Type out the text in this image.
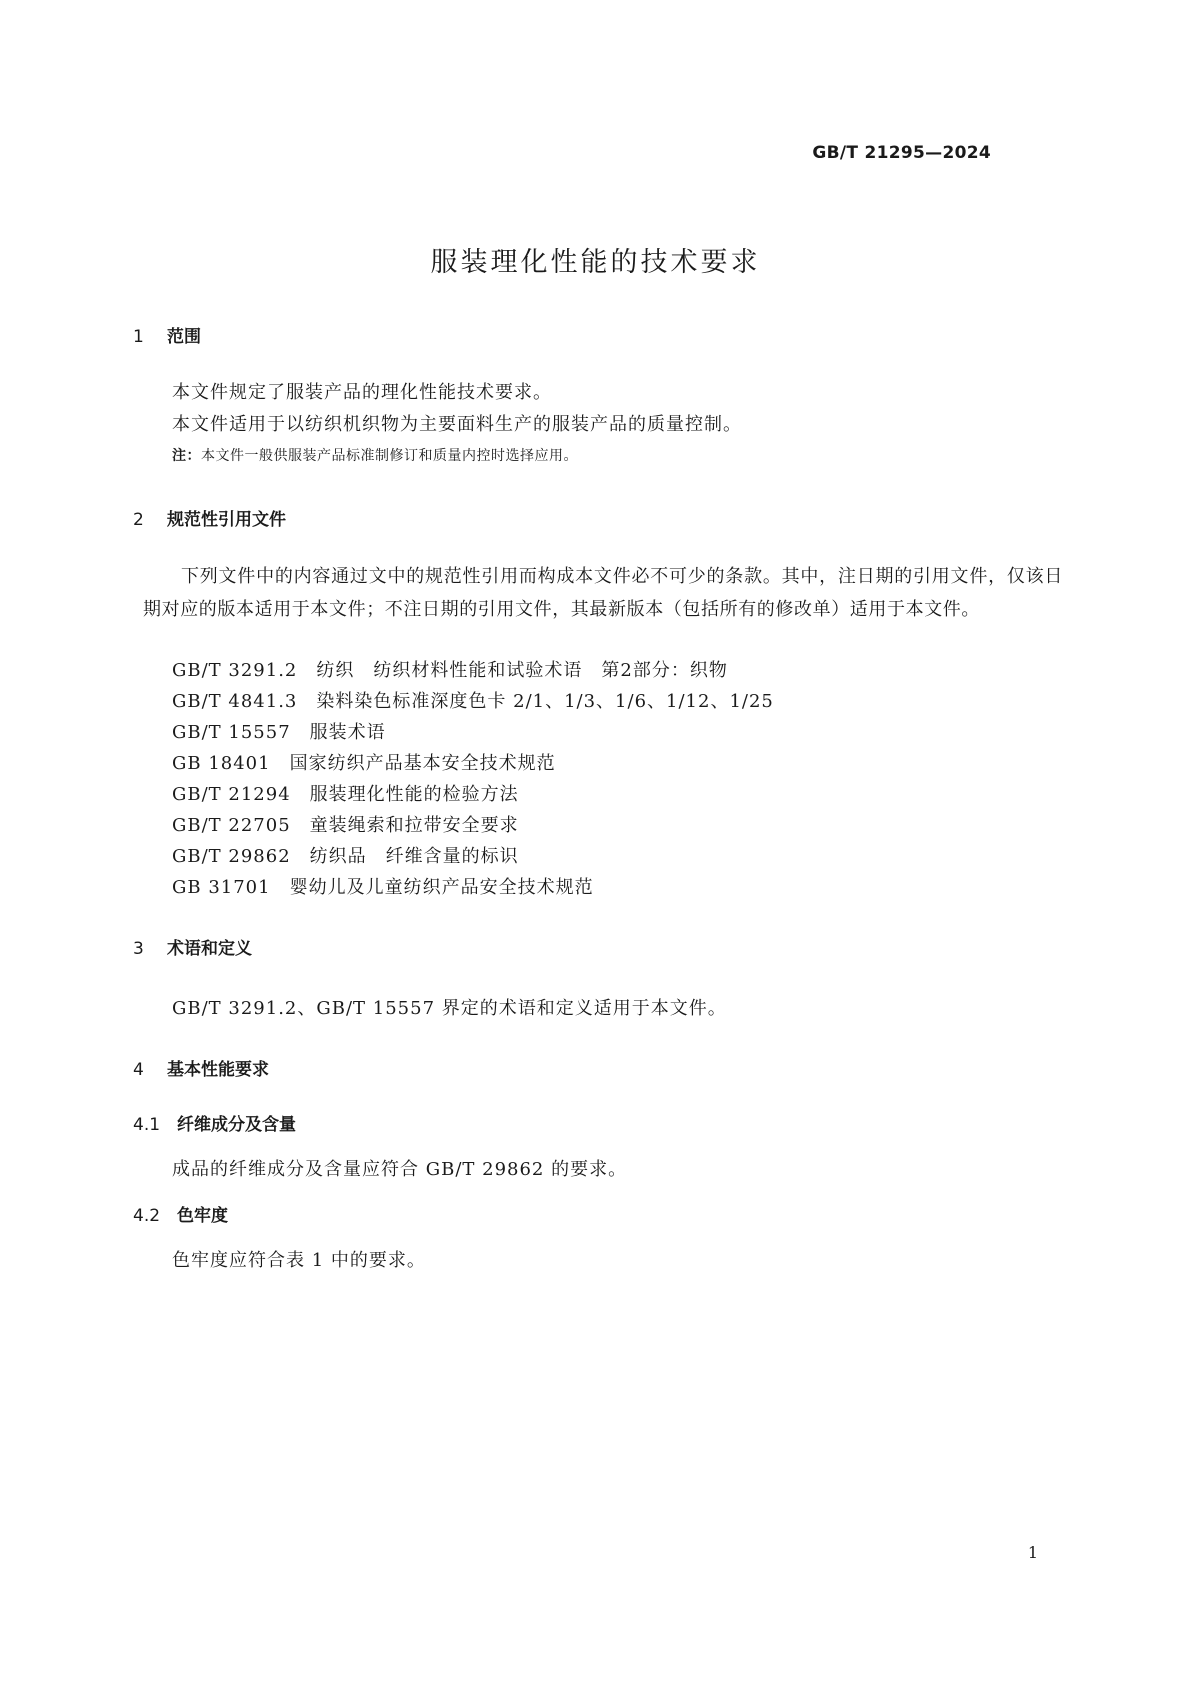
GB/T 21295—2024
服装理化性能的技术要求
1 范围
本文件规定了服装产品的理化性能技术要求。
本文件适用于以纺织机织物为主要面料生产的服装产品的质量控制。
注：本文件一般供服装产品标准制修订和质量内控时选择应用。
2 规范性引用文件
下列文件中的内容通过文中的规范性引用而构成本文件必不可少的条款。其中，注日期的引用文件，仅该日期对应的版本适用于本文件；不注日期的引用文件，其最新版本（包括所有的修改单）适用于本文件。
GB/T 3291.2　 纺织　纺织材料性能和试验术语　第2部分：织物
GB/T 4841.3　 染料染色标准深度色卡 2/1、1/3、1/6、1/12、1/25
GB/T 15557　 服装术语
GB 18401　 国家纺织产品基本安全技术规范
GB/T 21294　 服装理化性能的检验方法
GB/T 22705　 童装绳索和拉带安全要求
GB/T 29862　 纺织品　纤维含量的标识
GB 31701　 婴幼儿及儿童纺织产品安全技术规范
3 术语和定义
GB/T 3291.2、GB/T 15557 界定的术语和定义适用于本文件。
4 基本性能要求
4.1 纤维成分及含量
成品的纤维成分及含量应符合 GB/T 29862 的要求。
4.2 色牢度
色牢度应符合表 1 中的要求。
1
